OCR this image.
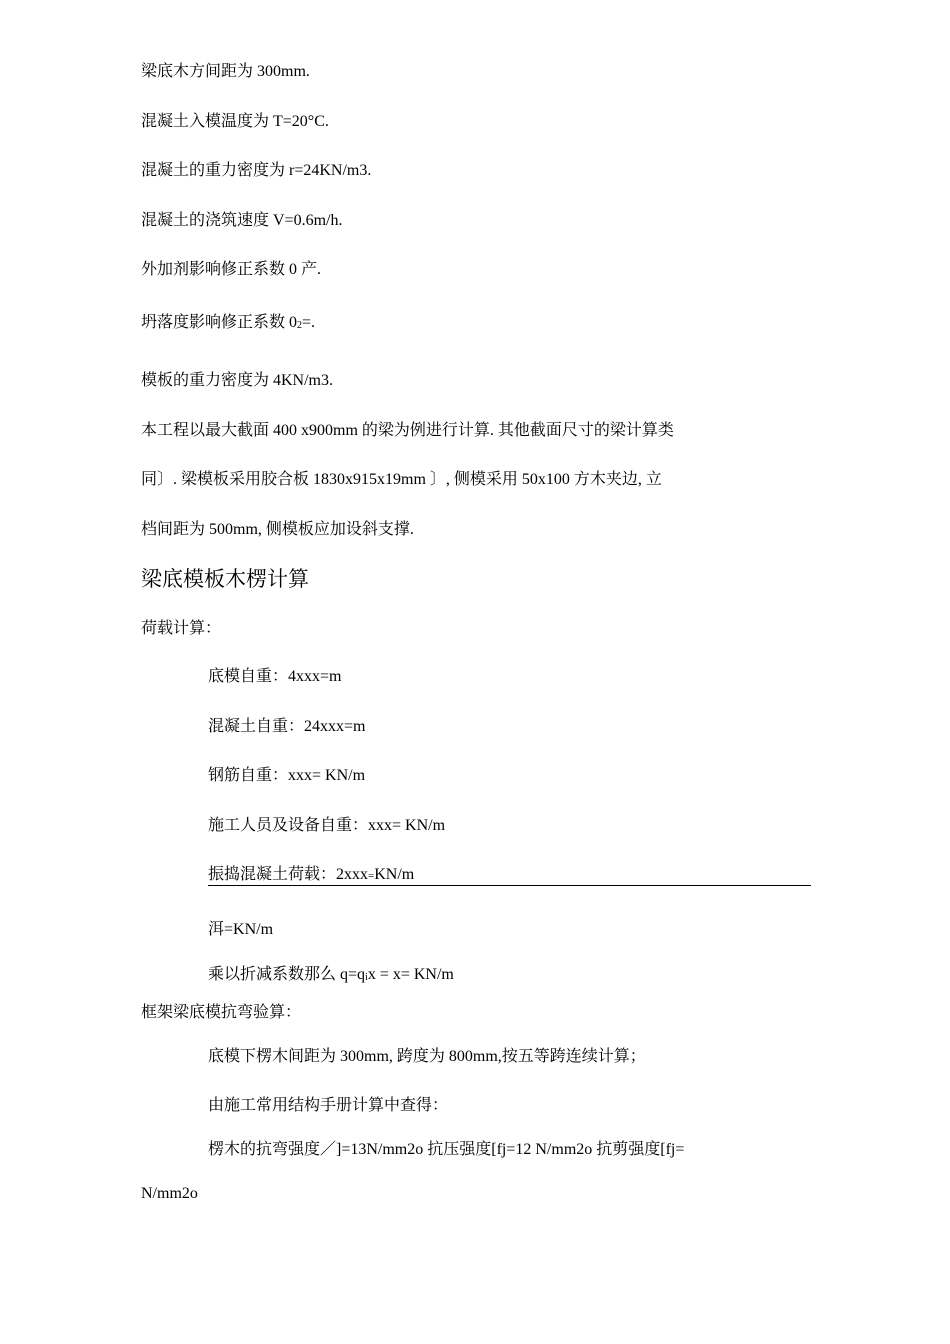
梁底木方间距为 300mm.
混凝土入模温度为 T=20°C.
混凝土的重力密度为 r=24KN/m3.
混凝土的浇筑速度 V=0.6m/h.
外加剂影响修正系数 0 产.
坍落度影响修正系数 02=.
模板的重力密度为 4KN/m3.
本工程以最大截面 400 x900mm 的梁为例进行计算. 其他截面尺寸的梁计算类
同〕. 梁模板采用胶合板 1830x915x19mm 〕, 侧模采用 50x100 方木夹边, 立
档间距为 500mm, 侧模板应加设斜支撑.
梁底模板木楞计算
荷载计算：
底模自重：4xxx=m
混凝土自重：24xxx=m
钢筋自重：xxx= KN/m
施工人员及设备自重：xxx= KN/m
振捣混凝土荷载：2xxx=KN/m
洱=KN/m
乘以折减系数那么 q=qix = x= KN/m
框架梁底模抗弯验算：
底模下楞木间距为 300mm, 跨度为 800mm,按五等跨连续计算；
由施工常用结构手册计算中查得：
楞木的抗弯强度／]=13N/mm2o 抗压强度[fj=12 N/mm2o 抗剪强度[fj=
N/mm2o
